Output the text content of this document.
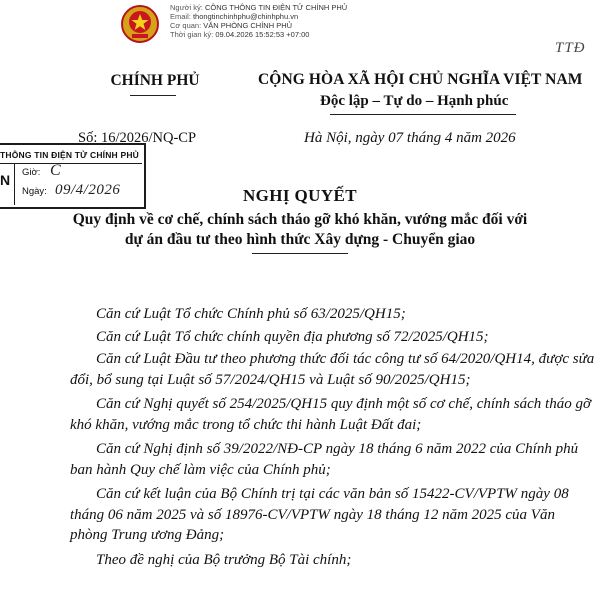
Người ký: CÔNG THÔNG TIN ĐIỆN TỬ CHÍNH PHỦ
Email: thongtinchinhphu@chinhphu.vn
Cơ quan: VĂN PHÒNG CHÍNH PHỦ
Thời gian ký: 09.04.2026 15:52:53 +07:00
TTĐ
CHÍNH PHỦ	CỘNG HÒA XÃ HỘI CHỦ NGHĨA VIỆT NAM
Độc lập – Tự do – Hạnh phúc
Số: 16/2026/NQ-CP	Hà Nội, ngày 07 tháng 4 năm 2026
THÔNG TIN ĐIỆN TỬ CHÍNH PHỦ
N Giờ: C
Ngày: 09/4/2026	NGHỊ QUYẾT
Quy định về cơ chế, chính sách tháo gỡ khó khăn, vướng mắc đối với
dự án đầu tư theo hình thức Xây dựng - Chuyển giao

Căn cứ Luật Tổ chức Chính phủ số 63/2025/QH15;

Căn cứ Luật Tổ chức chính quyền địa phương số 72/2025/QH15;

Căn cứ Luật Đầu tư theo phương thức đối tác công tư số 64/2020/QH14, được sửa đổi, bổ sung tại Luật số 57/2024/QH15 và Luật số 90/2025/QH15;

Căn cứ Nghị quyết số 254/2025/QH15 quy định một số cơ chế, chính sách tháo gỡ khó khăn, vướng mắc trong tổ chức thi hành Luật Đất đai;

Căn cứ Nghị định số 39/2022/NĐ-CP ngày 18 tháng 6 năm 2022 của Chính phủ ban hành Quy chế làm việc của Chính phủ;

Căn cứ kết luận của Bộ Chính trị tại các văn bản số 15422-CV/VPTW ngày 08 tháng 06 năm 2025 và số 18976-CV/VPTW ngày 18 tháng 12 năm 2025 của Văn phòng Trung ương Đảng;

Theo đề nghị của Bộ trưởng Bộ Tài chính;
